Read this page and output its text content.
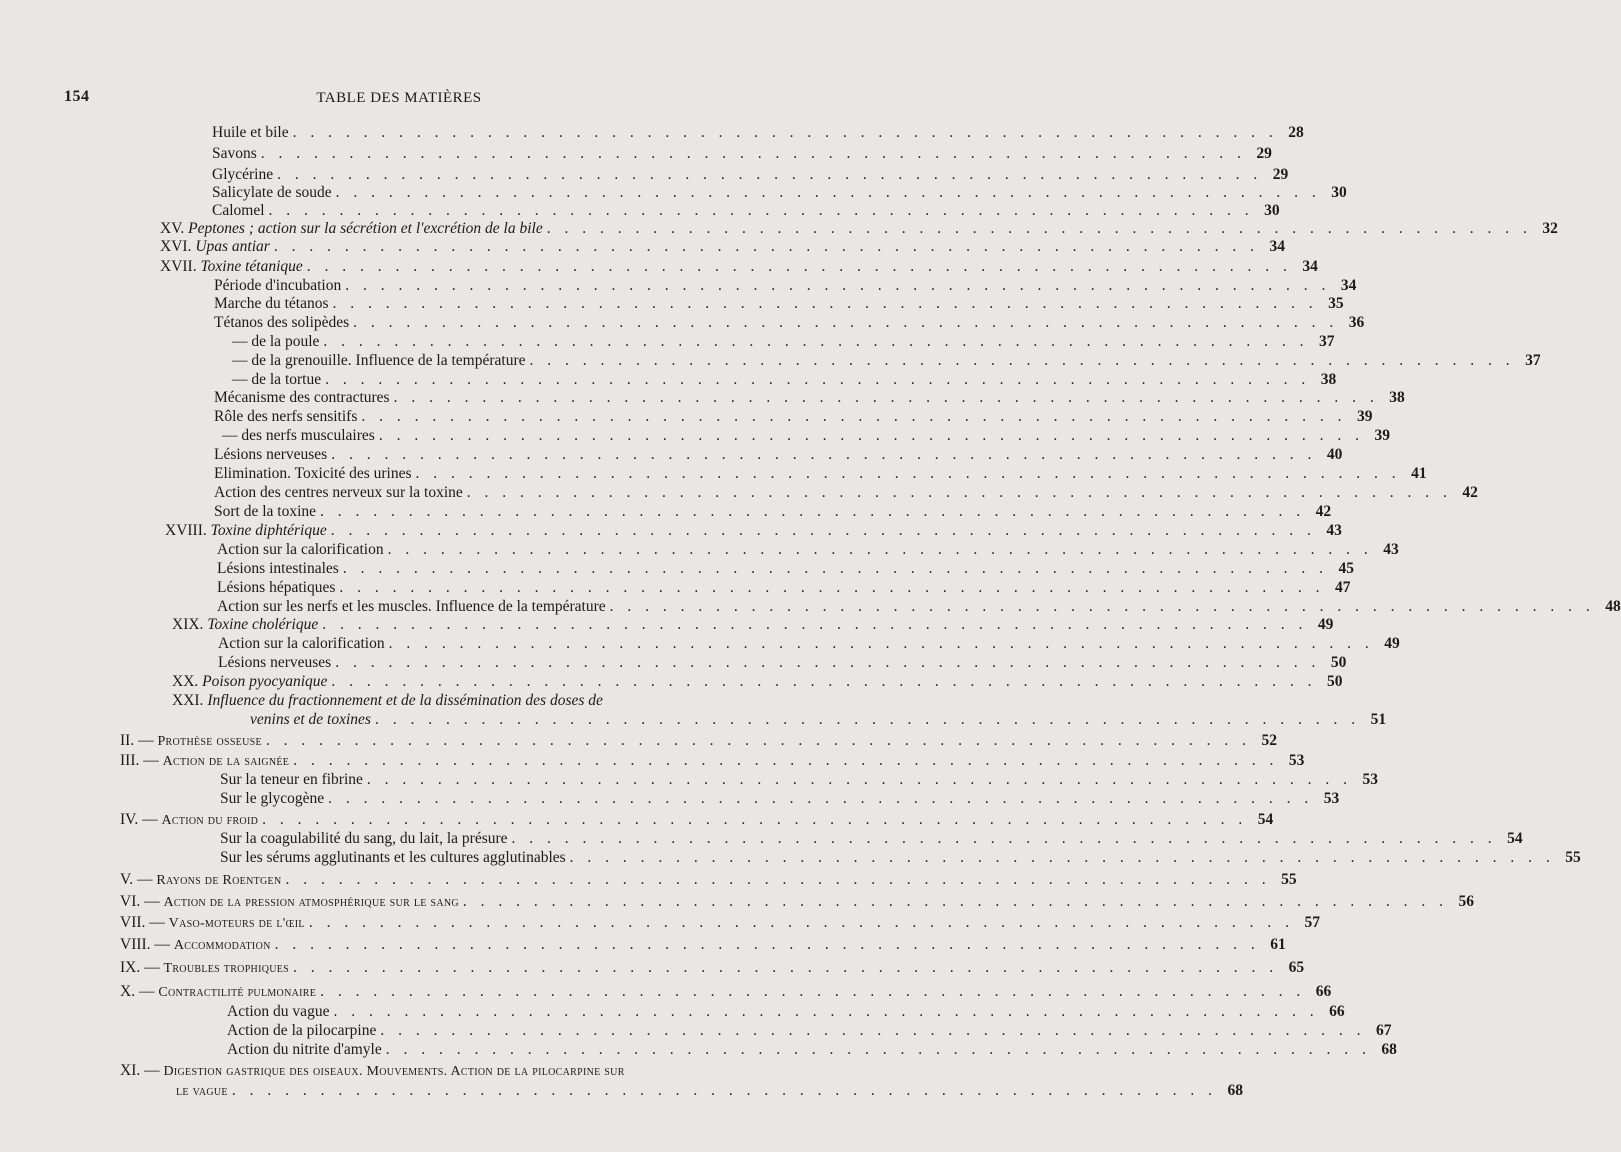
154	TABLE DES MATIÈRES
Huile et bile . . . . . . . . . . . . . . . . . . . . . . . . . . . . . . . . . . . . . . . . . . . . . . . . . . . . . . . . 28
Savons . . . . . . . . . . . . . . . . . . . . . . . . . . . . . . . . . . . . . . . . . . . . . . . . . . . . . . . . 29
Glycérine . . . . . . . . . . . . . . . . . . . . . . . . . . . . . . . . . . . . . . . . . . . . . . . . . . . . . . . . 29
Salicylate de soude . . . . . . . . . . . . . . . . . . . . . . . . . . . . . . . . . . . . . . . . . . . . . . . . . . . . . . . . 30
Calomel . . . . . . . . . . . . . . . . . . . . . . . . . . . . . . . . . . . . . . . . . . . . . . . . . . . . . . . . 30
XV.
Peptones ; action sur la sécrétion et l'excrétion de la bile . . . . . . . . . . . . . . . . . . . . . . . . . . . . . . . . . . . . . . . . . . . . . . . . . . . . . . . . 32
XVI.
Upas antiar . . . . . . . . . . . . . . . . . . . . . . . . . . . . . . . . . . . . . . . . . . . . . . . . . . . . . . . . 34
XVII.
Toxine tétanique . . . . . . . . . . . . . . . . . . . . . . . . . . . . . . . . . . . . . . . . . . . . . . . . . . . . . . . . 34
Période d'incubation . . . . . . . . . . . . . . . . . . . . . . . . . . . . . . . . . . . . . . . . . . . . . . . . . . . . . . . . 34
Marche du tétanos . . . . . . . . . . . . . . . . . . . . . . . . . . . . . . . . . . . . . . . . . . . . . . . . . . . . . . . . 35
Tétanos des solipèdes . . . . . . . . . . . . . . . . . . . . . . . . . . . . . . . . . . . . . . . . . . . . . . . . . . . . . . . . 36
— de la poule . . . . . . . . . . . . . . . . . . . . . . . . . . . . . . . . . . . . . . . . . . . . . . . . . . . . . . . . 37
— de la grenouille. Influence de la température . . . . . . . . . . . . . . . . . . . . . . . . . . . . . . . . . . . . . . . . . . . . . . . . . . . . . . . . 37
— de la tortue . . . . . . . . . . . . . . . . . . . . . . . . . . . . . . . . . . . . . . . . . . . . . . . . . . . . . . . . 38
Mécanisme des contractures . . . . . . . . . . . . . . . . . . . . . . . . . . . . . . . . . . . . . . . . . . . . . . . . . . . . . . . . 38
Rôle des nerfs sensitifs . . . . . . . . . . . . . . . . . . . . . . . . . . . . . . . . . . . . . . . . . . . . . . . . . . . . . . . . 39
— des nerfs musculaires . . . . . . . . . . . . . . . . . . . . . . . . . . . . . . . . . . . . . . . . . . . . . . . . . . . . . . . . 39
Lésions nerveuses . . . . . . . . . . . . . . . . . . . . . . . . . . . . . . . . . . . . . . . . . . . . . . . . . . . . . . . . 40
Elimination. Toxicité des urines . . . . . . . . . . . . . . . . . . . . . . . . . . . . . . . . . . . . . . . . . . . . . . . . . . . . . . . . 41
Action des centres nerveux sur la toxine . . . . . . . . . . . . . . . . . . . . . . . . . . . . . . . . . . . . . . . . . . . . . . . . . . . . . . . . 42
Sort de la toxine . . . . . . . . . . . . . . . . . . . . . . . . . . . . . . . . . . . . . . . . . . . . . . . . . . . . . . . . 42
XVIII.
Toxine diphtérique . . . . . . . . . . . . . . . . . . . . . . . . . . . . . . . . . . . . . . . . . . . . . . . . . . . . . . . . 43
Action sur la calorification . . . . . . . . . . . . . . . . . . . . . . . . . . . . . . . . . . . . . . . . . . . . . . . . . . . . . . . . 43
Lésions intestinales . . . . . . . . . . . . . . . . . . . . . . . . . . . . . . . . . . . . . . . . . . . . . . . . . . . . . . . . 45
Lésions hépatiques . . . . . . . . . . . . . . . . . . . . . . . . . . . . . . . . . . . . . . . . . . . . . . . . . . . . . . . . 47
Action sur les nerfs et les muscles. Influence de la température . . . . . . . . . . . . . . . . . . . . . . . . . . . . . . . . . . . . . . . . . . . . . . . . . . . . . . . . 48
XIX.
Toxine cholérique . . . . . . . . . . . . . . . . . . . . . . . . . . . . . . . . . . . . . . . . . . . . . . . . . . . . . . . . 49
Action sur la calorification . . . . . . . . . . . . . . . . . . . . . . . . . . . . . . . . . . . . . . . . . . . . . . . . . . . . . . . . 49
Lésions nerveuses . . . . . . . . . . . . . . . . . . . . . . . . . . . . . . . . . . . . . . . . . . . . . . . . . . . . . . . . 50
XX.
Poison pyocyanique . . . . . . . . . . . . . . . . . . . . . . . . . . . . . . . . . . . . . . . . . . . . . . . . . . . . . . . . 50
XXI.
Influence du fractionnement et de la dissémination des doses de
venins et de toxines . . . . . . . . . . . . . . . . . . . . . . . . . . . . . . . . . . . . . . . . . . . . . . . . . . . . . . . . 51
II. —
Prothèse osseuse . . . . . . . . . . . . . . . . . . . . . . . . . . . . . . . . . . . . . . . . . . . . . . . . . . . . . . . . 52
III. —
Action de la saignée . . . . . . . . . . . . . . . . . . . . . . . . . . . . . . . . . . . . . . . . . . . . . . . . . . . . . . . . 53
Sur la teneur en fibrine . . . . . . . . . . . . . . . . . . . . . . . . . . . . . . . . . . . . . . . . . . . . . . . . . . . . . . . . 53
Sur le glycogène . . . . . . . . . . . . . . . . . . . . . . . . . . . . . . . . . . . . . . . . . . . . . . . . . . . . . . . . 53
IV. —
Action du froid . . . . . . . . . . . . . . . . . . . . . . . . . . . . . . . . . . . . . . . . . . . . . . . . . . . . . . . . 54
Sur la coagulabilité du sang, du lait, la présure . . . . . . . . . . . . . . . . . . . . . . . . . . . . . . . . . . . . . . . . . . . . . . . . . . . . . . . . 54
Sur les sérums agglutinants et les cultures agglutinables . . . . . . . . . . . . . . . . . . . . . . . . . . . . . . . . . . . . . . . . . . . . . . . . . . . . . . . . 55
V. —
Rayons de Roentgen . . . . . . . . . . . . . . . . . . . . . . . . . . . . . . . . . . . . . . . . . . . . . . . . . . . . . . . . 55
VI. —
Action de la pression atmosphérique sur le sang . . . . . . . . . . . . . . . . . . . . . . . . . . . . . . . . . . . . . . . . . . . . . . . . . . . . . . . . 56
VII. —
Vaso-moteurs de l'œil . . . . . . . . . . . . . . . . . . . . . . . . . . . . . . . . . . . . . . . . . . . . . . . . . . . . . . . . 57
VIII. —
Accommodation . . . . . . . . . . . . . . . . . . . . . . . . . . . . . . . . . . . . . . . . . . . . . . . . . . . . . . . . 61
IX. —
Troubles trophiques . . . . . . . . . . . . . . . . . . . . . . . . . . . . . . . . . . . . . . . . . . . . . . . . . . . . . . . . 65
X. —
Contractilité pulmonaire . . . . . . . . . . . . . . . . . . . . . . . . . . . . . . . . . . . . . . . . . . . . . . . . . . . . . . . . 66
Action du vague . . . . . . . . . . . . . . . . . . . . . . . . . . . . . . . . . . . . . . . . . . . . . . . . . . . . . . . . 66
Action de la pilocarpine . . . . . . . . . . . . . . . . . . . . . . . . . . . . . . . . . . . . . . . . . . . . . . . . . . . . . . . . 67
Action du nitrite d'amyle . . . . . . . . . . . . . . . . . . . . . . . . . . . . . . . . . . . . . . . . . . . . . . . . . . . . . . . . 68
XI. —
Digestion gastrique des oiseaux. Mouvements. Action de la pilocarpine sur
le vague . . . . . . . . . . . . . . . . . . . . . . . . . . . . . . . . . . . . . . . . . . . . . . . . . . . . . . . . 68
